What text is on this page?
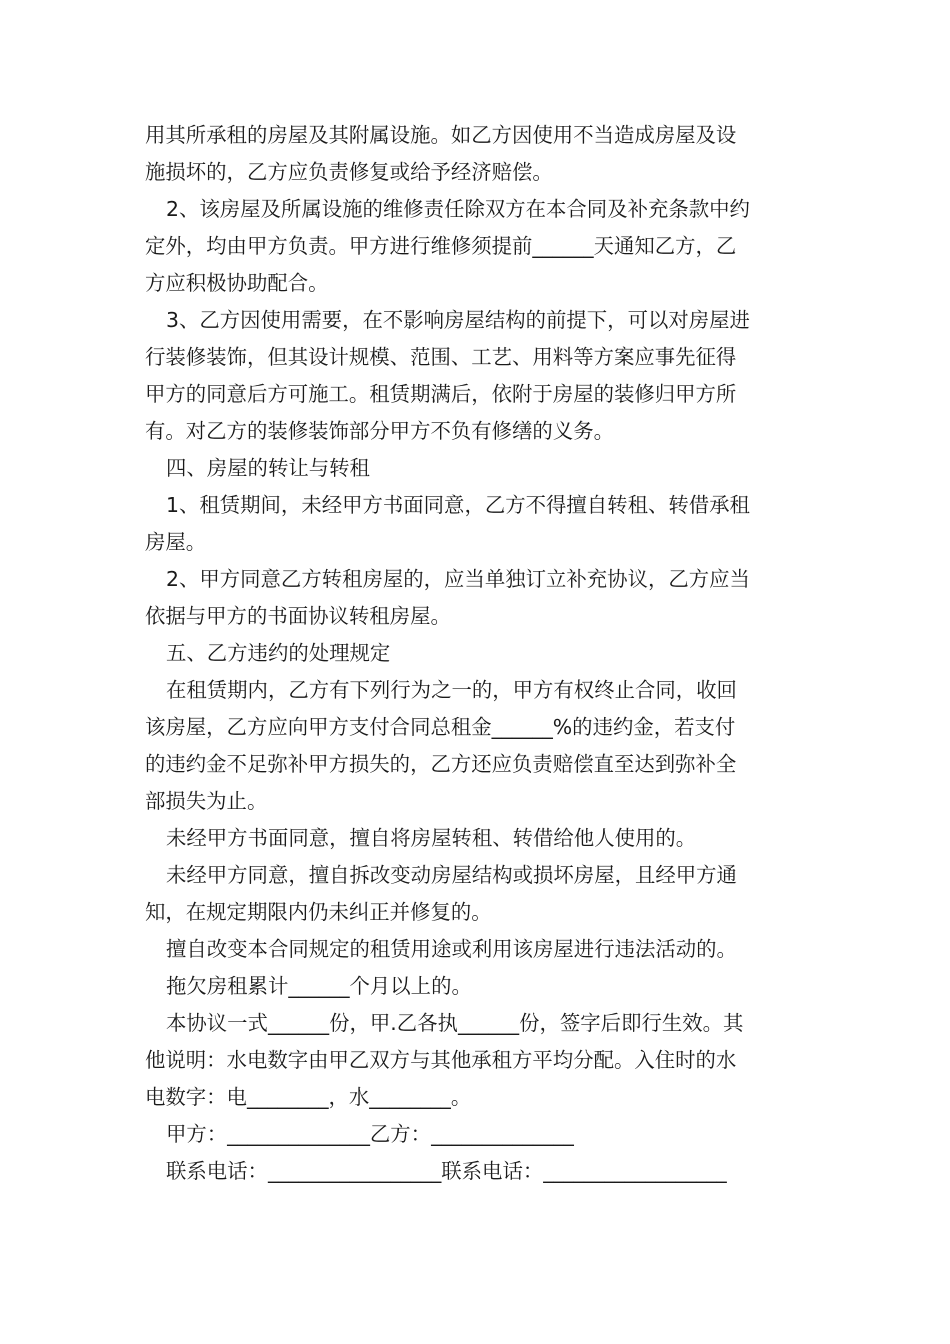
用其所承租的房屋及其附属设施。如乙方因使用不当造成房屋及设

施损坏的，乙方应负责修复或给予经济赔偿。

2、该房屋及所属设施的维修责任除双方在本合同及补充条款中约

定外，均由甲方负责。甲方进行维修须提前______天通知乙方，乙

方应积极协助配合。

3、乙方因使用需要，在不影响房屋结构的前提下，可以对房屋进

行装修装饰，但其设计规模、范围、工艺、用料等方案应事先征得

甲方的同意后方可施工。租赁期满后，依附于房屋的装修归甲方所

有。对乙方的装修装饰部分甲方不负有修缮的义务。

四、房屋的转让与转租

1、租赁期间，未经甲方书面同意，乙方不得擅自转租、转借承租

房屋。

2、甲方同意乙方转租房屋的，应当单独订立补充协议，乙方应当

依据与甲方的书面协议转租房屋。

五、乙方违约的处理规定

在租赁期内，乙方有下列行为之一的，甲方有权终止合同，收回

该房屋，乙方应向甲方支付合同总租金______%的违约金，若支付

的违约金不足弥补甲方损失的，乙方还应负责赔偿直至达到弥补全

部损失为止。

未经甲方书面同意，擅自将房屋转租、转借给他人使用的。

未经甲方同意，擅自拆改变动房屋结构或损坏房屋，且经甲方通

知，在规定期限内仍未纠正并修复的。

擅自改变本合同规定的租赁用途或利用该房屋进行违法活动的。

拖欠房租累计______个月以上的。

本协议一式______份，甲.乙各执______份，签字后即行生效。其

他说明：水电数字由甲乙双方与其他承租方平均分配。入住时的水

电数字：电________，水________。

甲方：______________乙方：______________

联系电话：_________________联系电话：__________________
